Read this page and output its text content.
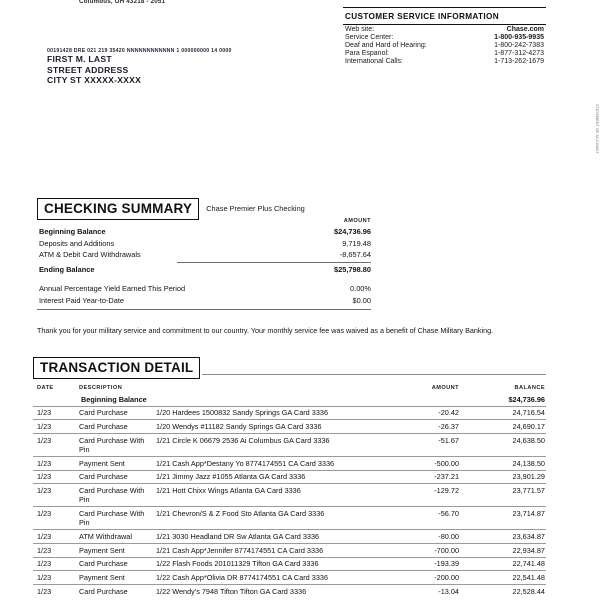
Columbus, OH 43218 - 2051
00191428 DRE 021 219 35420 NNNNNNNNNNNN 1 000000000 14 0000
FIRST M. LAST
STREET ADDRESS
CITY ST XXXXX-XXXX
STATEMENT OF ACCOUNT
CUSTOMER SERVICE INFORMATION
Web site:	Chase.com
Service Center:	1-800-935-9935
Deaf and Hard of Hearing:	1-800-242-7383
Para Espanol:	1-877-312-4273
International Calls:	1-713-262-1679
CHECKING SUMMARY	Chase Premier Plus Checking
AMOUNT
Beginning Balance	$24,736.96
Deposits and Additions	9,719.48
ATM & Debit Card Withdrawals	-8,657.64
Ending Balance	$25,798.80
Annual Percentage Yield Earned This Period	0.00%
Interest Paid Year-to-Date	$0.00
Thank you for your military service and commitment to our country. Your monthly service fee was waived as a benefit of Chase Military Banking.
TRANSACTION DETAIL
DATE	DESCRIPTION	AMOUNT	BALANCE
	Beginning Balance			$24,736.96
1/23	Card Purchase	1/20 Hardees 1500832 Sandy Springs GA Card 3336	-20.42	24,716.54
1/23	Card Purchase	1/20 Wendys #11182 Sandy Springs GA Card 3336	-26.37	24,690.17
1/23	Card Purchase With Pin	1/21 Circle K 06679 2536 Ai Columbus GA Card 3336	-51.67	24,638.50
1/23	Payment Sent	1/21 Cash App*Destany Yo 8774174551 CA Card 3336	-500.00	24,138.50
1/23	Card Purchase	1/21 Jimmy Jazz #1055 Atlanta GA Card 3336	-237.21	23,901.29
1/23	Card Purchase With Pin	1/21 Hott Chixx Wings Atlanta GA Card 3336	-129.72	23,771.57
1/23	Card Purchase With Pin	1/21 Chevron/S & Z Food Sto Atlanta GA Card 3336	-56.70	23,714.87
1/23	ATM Withdrawal	1/21 3030 Headland DR Sw Atlanta GA Card 3336	-80.00	23,634.87
1/23	Payment Sent	1/21 Cash App*Jennifer 8774174551 CA Card 3336	-700.00	22,934.87
1/23	Card Purchase	1/22 Flash Foods 201011329 Tifton GA Card 3336	-193.39	22,741.48
1/23	Payment Sent	1/22 Cash App*Olivia DR 8774174551 CA Card 3336	-200.00	22,541.48
1/23	Card Purchase	1/22 Wendy's 7948 Tifton Tifton GA Card 3336	-13.04	22,528.44
